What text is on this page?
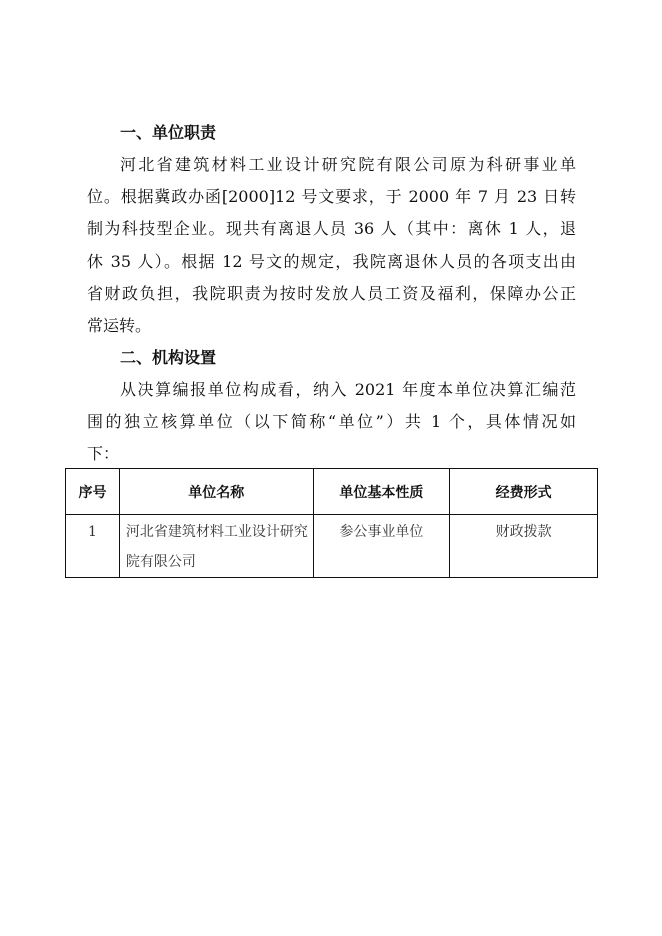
一、单位职责
河北省建筑材料工业设计研究院有限公司原为科研事业单
位。根据冀政办函[2000]12 号文要求，于 2000 年 7 月 23 日转
制为科技型企业。现共有离退人员 36 人（其中：离休 1 人，退
休 35 人）。根据 12 号文的规定，我院离退休人员的各项支出由
省财政负担，我院职责为按时发放人员工资及福利，保障办公正
常运转。
二、机构设置
从决算编报单位构成看，纳入 2021 年度本单位决算汇编范
围的独立核算单位（以下简称“单位”）共 1 个，具体情况如
下：
序号	单位名称	单位基本性质	经费形式
1	河北省建筑材料工业设计研究院有限公司	参公事业单位	财政拨款
